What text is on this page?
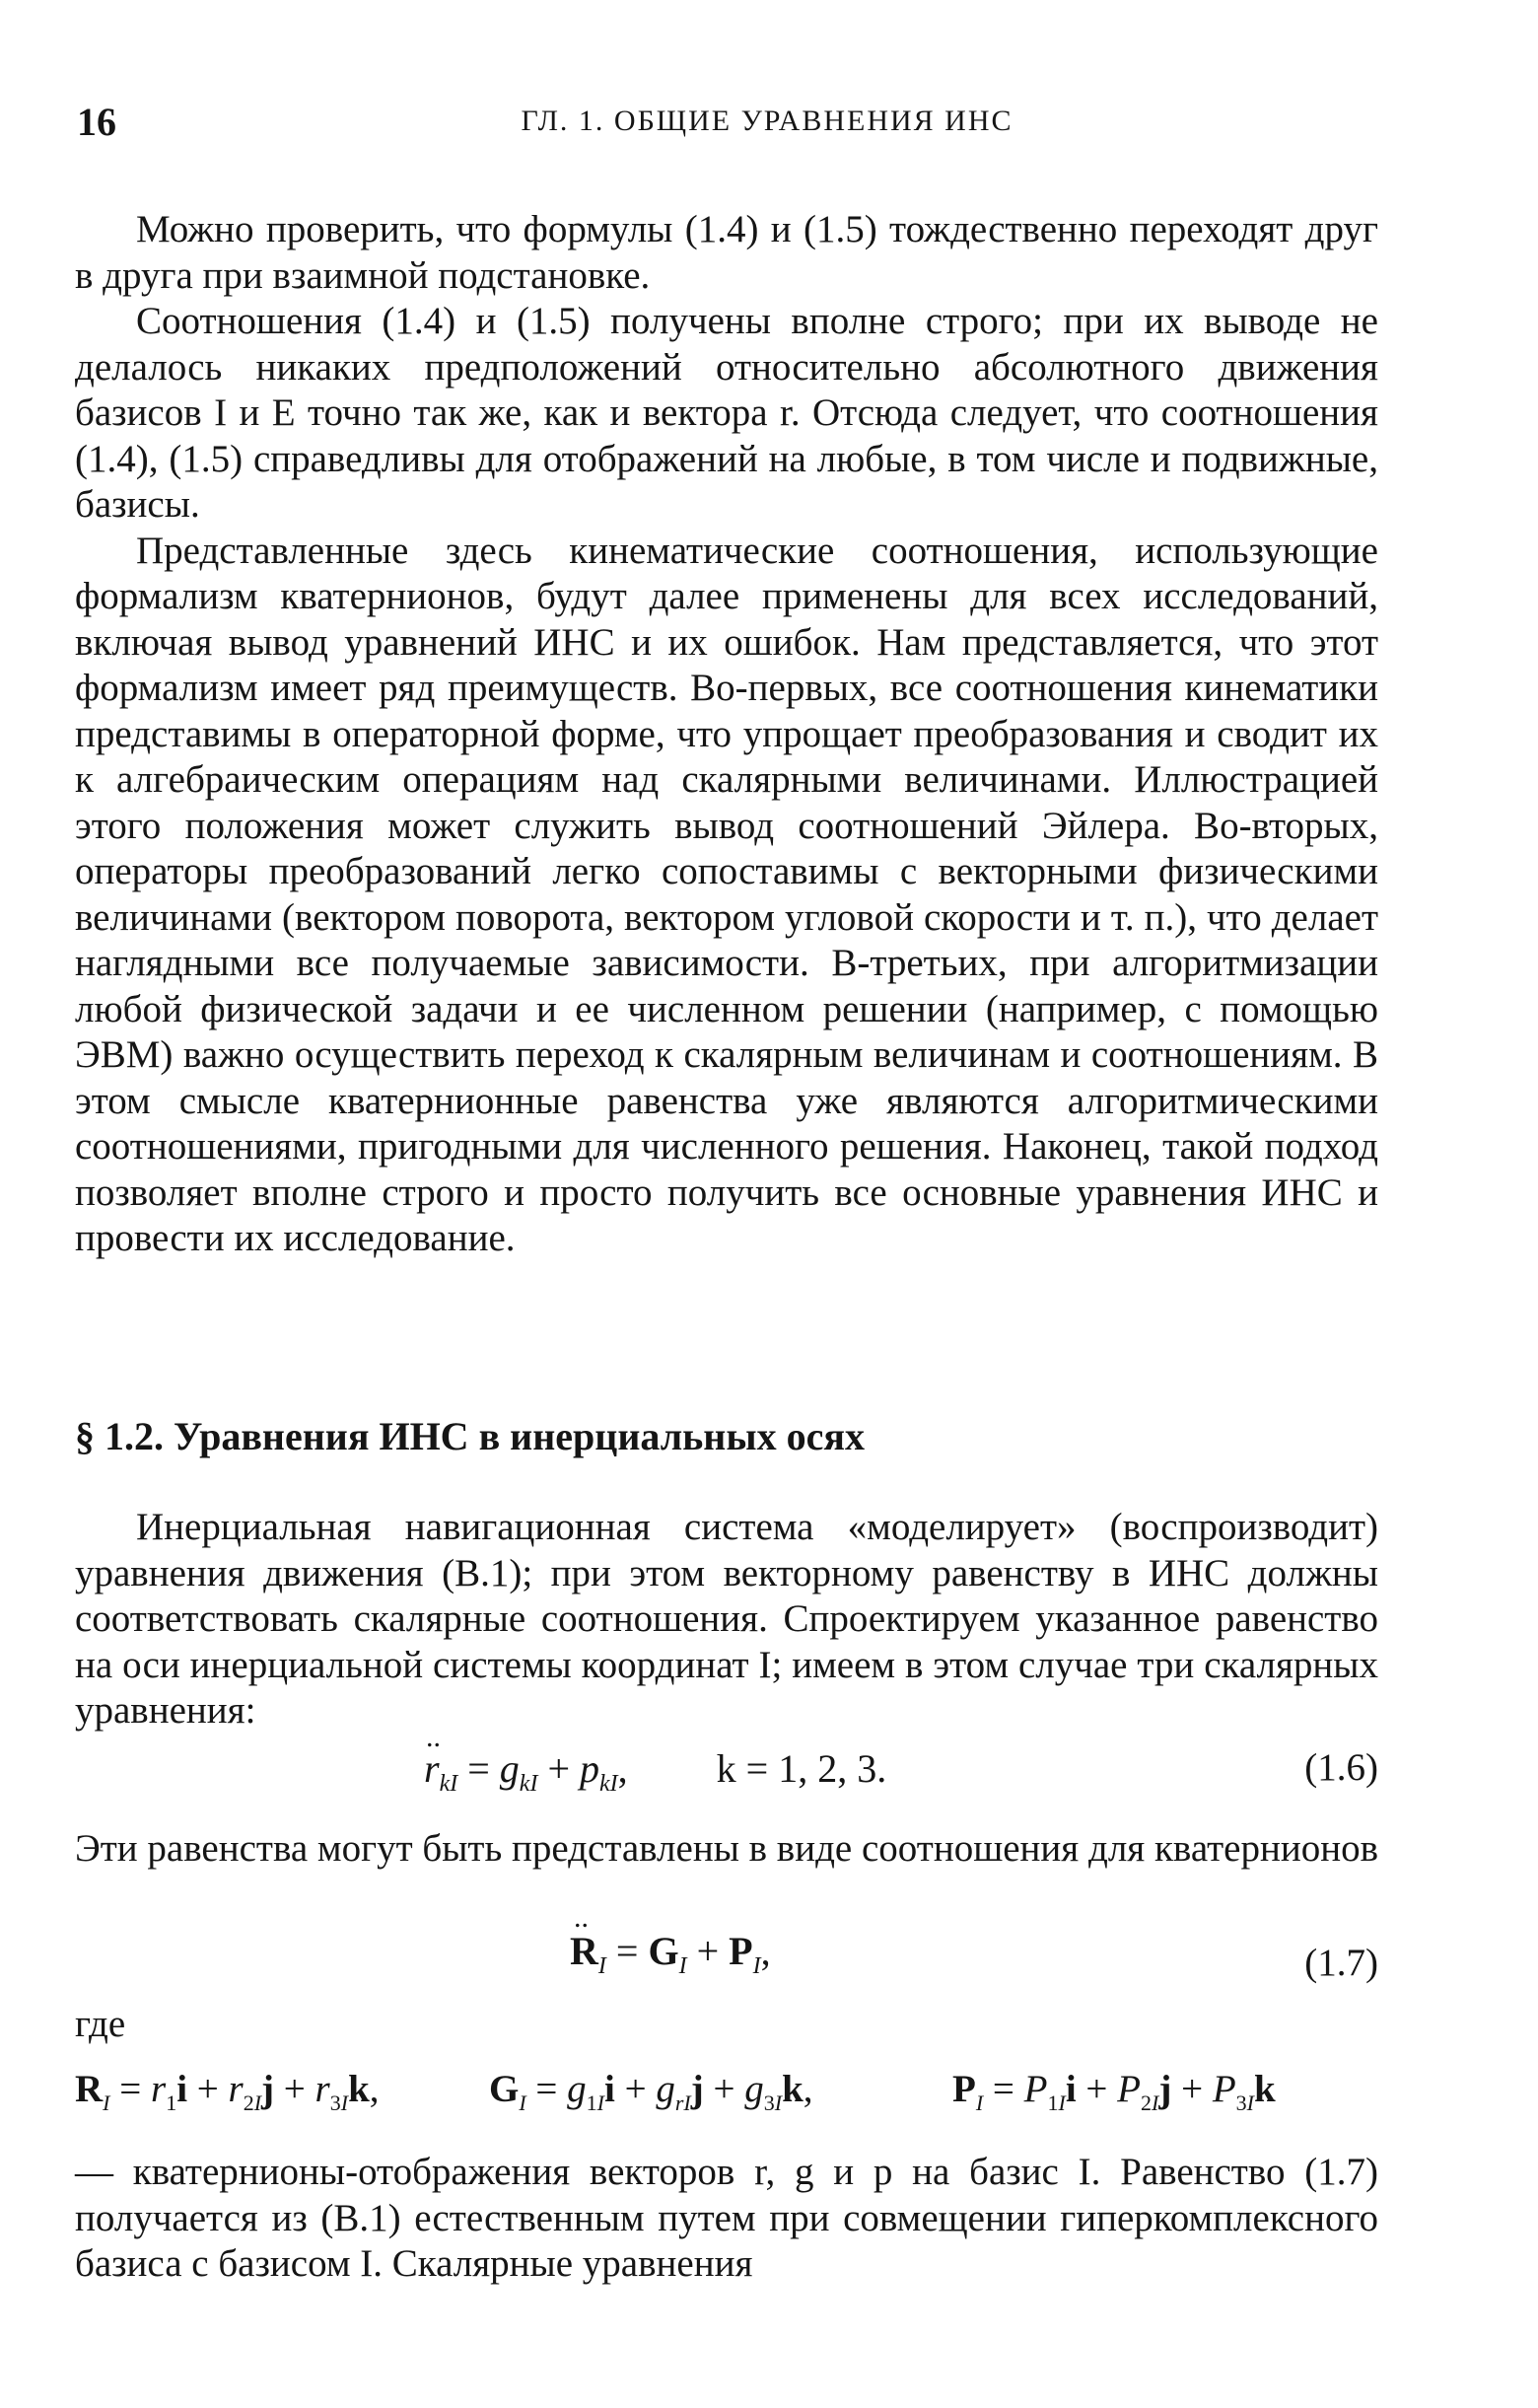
16	ГЛ. 1. ОБЩИЕ УРАВНЕНИЯ ИНС

Можно проверить, что формулы (1.4) и (1.5) тождественно переходят друг в друга при взаимной подстановке.

Соотношения (1.4) и (1.5) получены вполне строго; при их выводе не делалось никаких предположений относительно абсолютного движения базисов I и E точно так же, как и вектора r. Отсюда следует, что соотношения (1.4), (1.5) справедливы для отображений на любые, в том числе и подвижные, базисы.

Представленные здесь кинематические соотношения, использующие формализм кватернионов, будут далее применены для всех исследований, включая вывод уравнений ИНС и их ошибок. Нам представляется, что этот формализм имеет ряд преимуществ. Во-первых, все соотношения кинематики представимы в операторной форме, что упрощает преобразования и сводит их к алгебраическим операциям над скалярными величинами. Иллюстрацией этого положения может служить вывод соотношений Эйлера. Во-вторых, операторы преобразований легко сопоставимы с векторными физическими величинами (вектором поворота, вектором угловой скорости и т. п.), что делает наглядными все получаемые зависимости. В-третьих, при алгоритмизации любой физической задачи и ее численном решении (например, с помощью ЭВМ) важно осуществить переход к скалярным величинам и соотношениям. В этом смысле кватернионные равенства уже являются алгоритмическими соотношениями, пригодными для численного решения. Наконец, такой подход позволяет вполне строго и просто получить все основные уравнения ИНС и провести их исследование.

§ 1.2. Уравнения ИНС в инерциальных осях

Инерциальная навигационная система «моделирует» (воспроизводит) уравнения движения (В.1); при этом векторному равенству в ИНС должны соответствовать скалярные соотношения. Спроектируем указанное равенство на оси инерциальной системы координат I; имеем в этом случае три скалярных уравнения:

r
..
$_{kI} = g_{kI} + p_{kI}$, k = 1, 2, 3.	(1.6)

Эти равенства могут быть представлены в виде соотношения для кватернионов

R
..
$_I = G_I + P_I$,	(1.7)
где
$R_I = r_1i + r_{2I}j + r_{3I}k$,	$G_I = g_{1I}i + g_{rI}j + g_{3I}k$,	$P_I = P_{1I}i + P_{2I}j + P_{3I}k$
— кватернионы-отображения векторов r, g и p на базис I. Равенство (1.7) получается из (В.1) естественным путем при совмещении гиперкомплексного базиса с базисом I. Скалярные уравнения
